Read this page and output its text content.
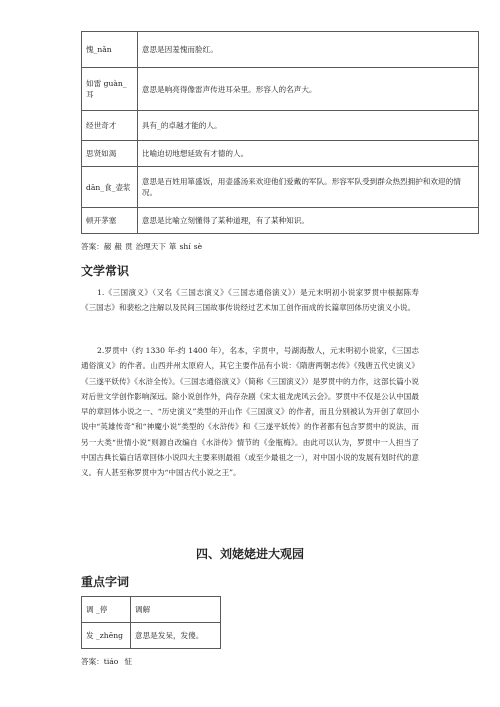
愧_nǎn	意思是因羞愧而脸红。
如雷 guàn_耳	意思是响亮得像雷声传进耳朵里。形容人的名声大。
经世奇才	具有_的卓越才能的人。
思贤如渴	比喻迫切地想延致有才德的人。
dān_食_壶浆	意思是百姓用箪盛饭，用壶盛汤来欢迎他们爱戴的军队。形容军队受到群众热烈拥护和欢迎的情况。
顿开茅塞	意思是比喻立刻懂得了某种道理，有了某种知识。
答案：赧 赧 贯 治理天下 箪 shí sè
文学常识

1.《三国演义》（又名《三国志演义》《三国志通俗演义》）是元末明初小说家罗贯中根据陈寿《三国志》和裴松之注解以及民间三国故事传说经过艺术加工创作而成的长篇章回体历史演义小说。

2.罗贯中（约 1330 年-约 1400 年），名本，字贯中，号湖海散人，元末明初小说家，《三国志通俗演义》的作者。山西并州太原府人，其它主要作品有小说：《隋唐两朝志传》《残唐五代史演义》《三遂平妖传》《水浒全传》。《三国志通俗演义》（简称《三国演义》）是罗贯中的力作，这部长篇小说对后世文学创作影响深远。除小说创作外，尚存杂剧《宋太祖龙虎风云会》。罗贯中不仅是公认中国最早的章回体小说之一、“历史演义”类型的开山作《三国演义》的作者，而且分别被认为开创了章回小说中“英雄传奇”和“神魔小说”类型的《水浒传》和《三遂平妖传》的作者都有包含罗贯中的说法，而另一大类“世情小说”则源自改编自《水浒传》情节的《金瓶梅》。由此可以认为，罗贯中一人担当了中国古典长篇白话章回体小说四大主要来则最祖（或至少最祖之一），对中国小说的发展有划时代的意义。有人甚至称罗贯中为“中国古代小说之王”。

四、刘姥姥进大观园
重点字词
调 _停	调解
发 _zhēng	意思是发呆，发傻。
答案：tiáo 怔
